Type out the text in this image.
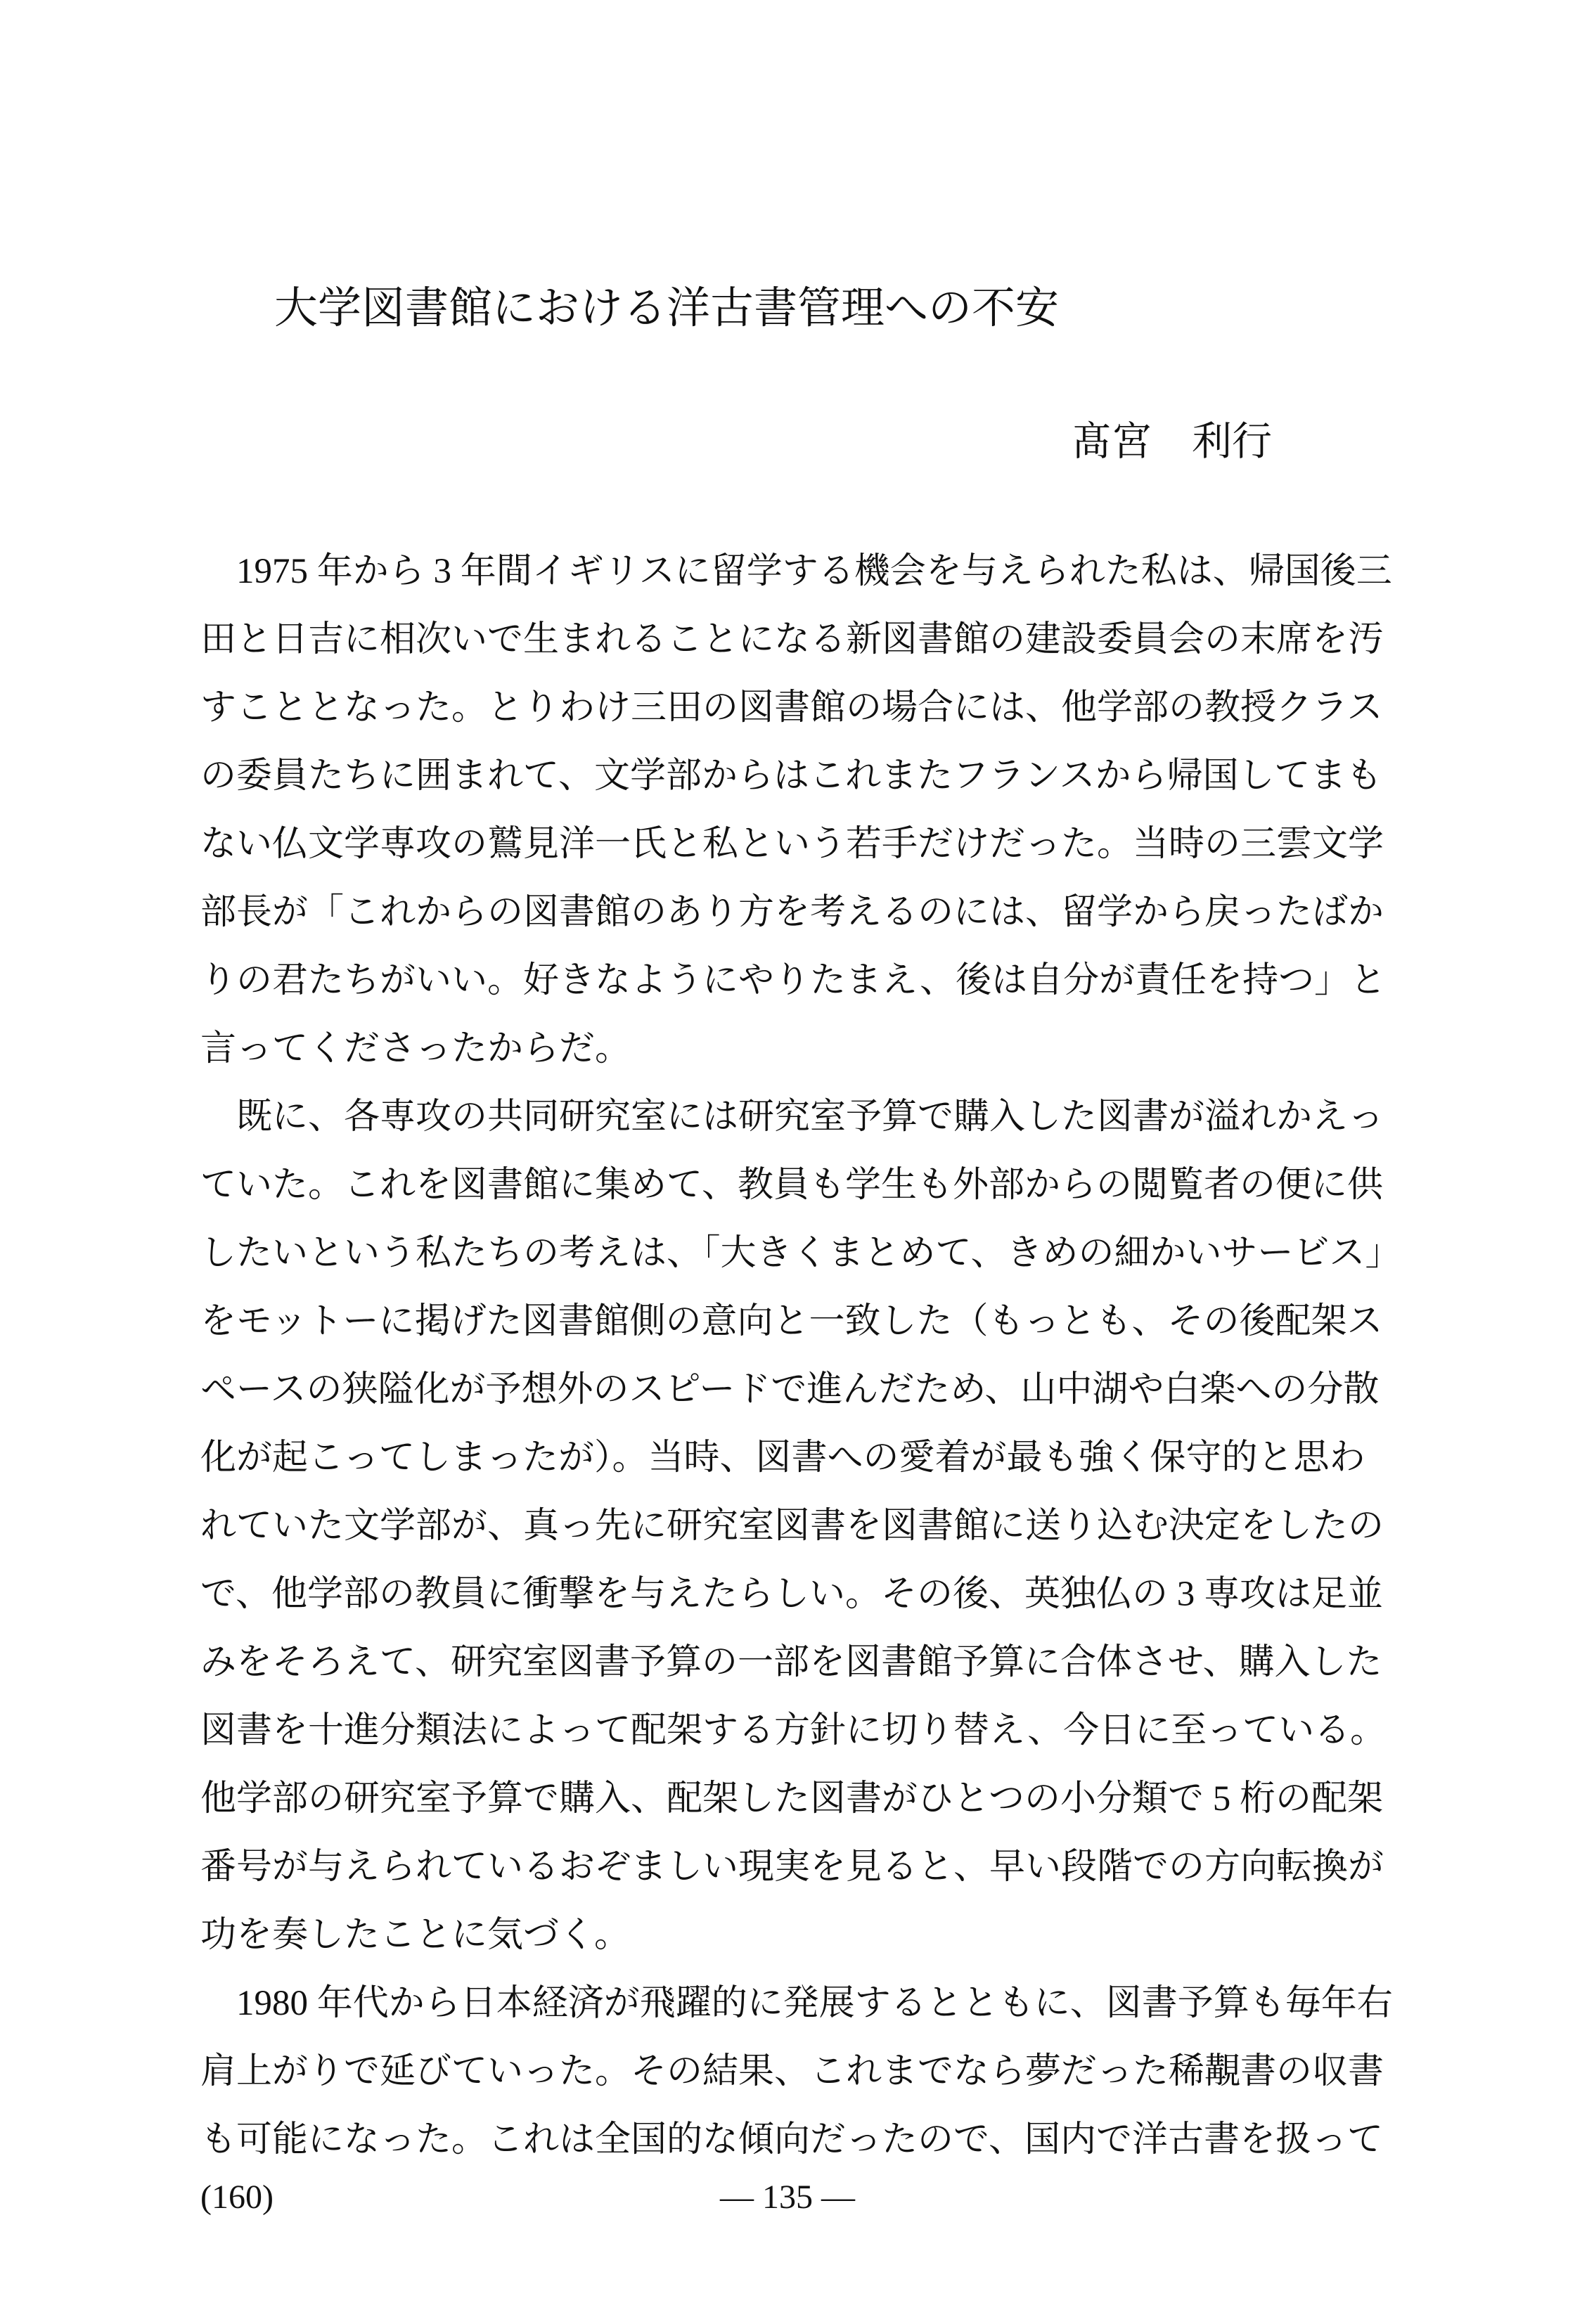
大学図書館における洋古書管理への不安
髙宮　利行
　1975 年から 3 年間イギリスに留学する機会を与えられた私は、帰国後三
田と日吉に相次いで生まれることになる新図書館の建設委員会の末席を汚
すこととなった。とりわけ三田の図書館の場合には、他学部の教授クラス
の委員たちに囲まれて、文学部からはこれまたフランスから帰国してまも
ない仏文学専攻の鷲見洋一氏と私という若手だけだった。当時の三雲文学
部長が「これからの図書館のあり方を考えるのには、留学から戻ったばか
りの君たちがいい。好きなようにやりたまえ、後は自分が責任を持つ」と
言ってくださったからだ。
　既に、各専攻の共同研究室には研究室予算で購入した図書が溢れかえっ
ていた。これを図書館に集めて、教員も学生も外部からの閲覧者の便に供
したいという私たちの考えは、「大きくまとめて、きめの細かいサービス」
をモットーに掲げた図書館側の意向と一致した（もっとも、その後配架ス
ペースの狭隘化が予想外のスピードで進んだため、山中湖や白楽への分散
化が起こってしまったが）。当時、図書への愛着が最も強く保守的と思わ
れていた文学部が、真っ先に研究室図書を図書館に送り込む決定をしたの
で、他学部の教員に衝撃を与えたらしい。その後、英独仏の 3 専攻は足並
みをそろえて、研究室図書予算の一部を図書館予算に合体させ、購入した
図書を十進分類法によって配架する方針に切り替え、今日に至っている。
他学部の研究室予算で購入、配架した図書がひとつの小分類で 5 桁の配架
番号が与えられているおぞましい現実を見ると、早い段階での方向転換が
功を奏したことに気づく。
　1980 年代から日本経済が飛躍的に発展するとともに、図書予算も毎年右
肩上がりで延びていった。その結果、これまでなら夢だった稀覯書の収書
も可能になった。これは全国的な傾向だったので、国内で洋古書を扱って
(160)	— 135 —
